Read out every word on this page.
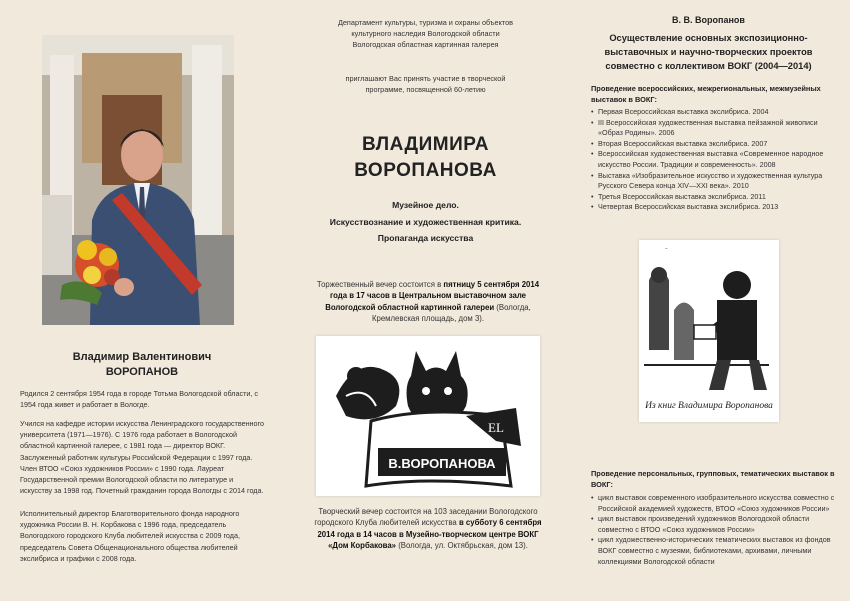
Владимир Валентинович
ВОРОПАНОВ

Родился 2 сентября 1954 года в городе Тотьма Вологодской области, с 1954 года живет и работает в Вологде.

Учился на кафедре истории искусства Ленинградского государственного университета (1971—1976). С 1976 года работает в Вологодской областной картинной галерее, с 1981 года — директор ВОКГ. Заслуженный работник культуры Российской Федерации с 1997 года. Член ВТОО «Союз художников России» с 1990 года. Лауреат Государственной премии Вологодской области по литературе и искусству за 1998 год. Почетный гражданин города Вологды с 2014 года.

Исполнительный директор Благотворительного фонда народного художника России В. Н. Корбакова с 1996 года, председатель Вологодского городского Клуба любителей искусства с 2009 года, председатель Совета Общенационального общества любителей экслибриса и графики с 2008 года.

Департамент культуры, туризма и охраны объектов
культурного наследия Вологодской области
Вологодская областная картинная галерея
приглашают Вас принять участие в творческой
программе, посвященной 60-летию
ВЛАДИМИРА
ВОРОПАНОВА
Музейное дело.
Искусствознание и художественная критика.
Пропаганда искусства
Торжественный вечер состоится в пятницу 5 сентября 2014 года в 17 часов в Центральном выставочном зале Вологодской областной картинной галереи (Вологда, Кремлевская площадь, дом 3).
EL
В.ВОРОПАНОВА
Творческий вечер состоится на 103 заседании Вологодского городского Клуба любителей искусства в субботу 6 сентября 2014 года в 14 часов в Музейно-творческом центре ВОКГ «Дом Корбакова» (Вологда, ул. Октябрьская, дом 13).
В. В. Воропанов
Осуществление основных экспозиционно-выставочных и научно-творческих проектов совместно с коллективом ВОКГ (2004—2014)
Проведение всероссийских, межрегиональных, межмузейных выставок в ВОКГ:
• Первая Всероссийская выставка экслибриса. 2004
• III Всероссийская художественная выставка пейзажной живописи «Образ Родины». 2006
• Вторая Всероссийская выставка экслибриса. 2007
• Всероссийская художественная выставка «Современное народное искусство России. Традиции и современность». 2008
• Выставка «Изобразительное искусство и художественная культура Русского Севера конца XIV—XXI века». 2010
• Третья Всероссийская выставка экслибриса. 2011
• Четвертая Всероссийская выставка экслибриса. 2013
~
Из книг Владимира Воропанова
Проведение персональных, групповых, тематических выставок в ВОКГ:
• цикл выставок современного изобразительного искусства совместно с Российской академией художеств, ВТОО «Союз художников России»
• цикл выставок произведений художников Вологодской области совместно с ВТОО «Союз художников России»
• цикл художественно-исторических тематических выставок из фондов ВОКГ совместно с музеями, библиотеками, архивами, личными коллекциями Вологодской области
